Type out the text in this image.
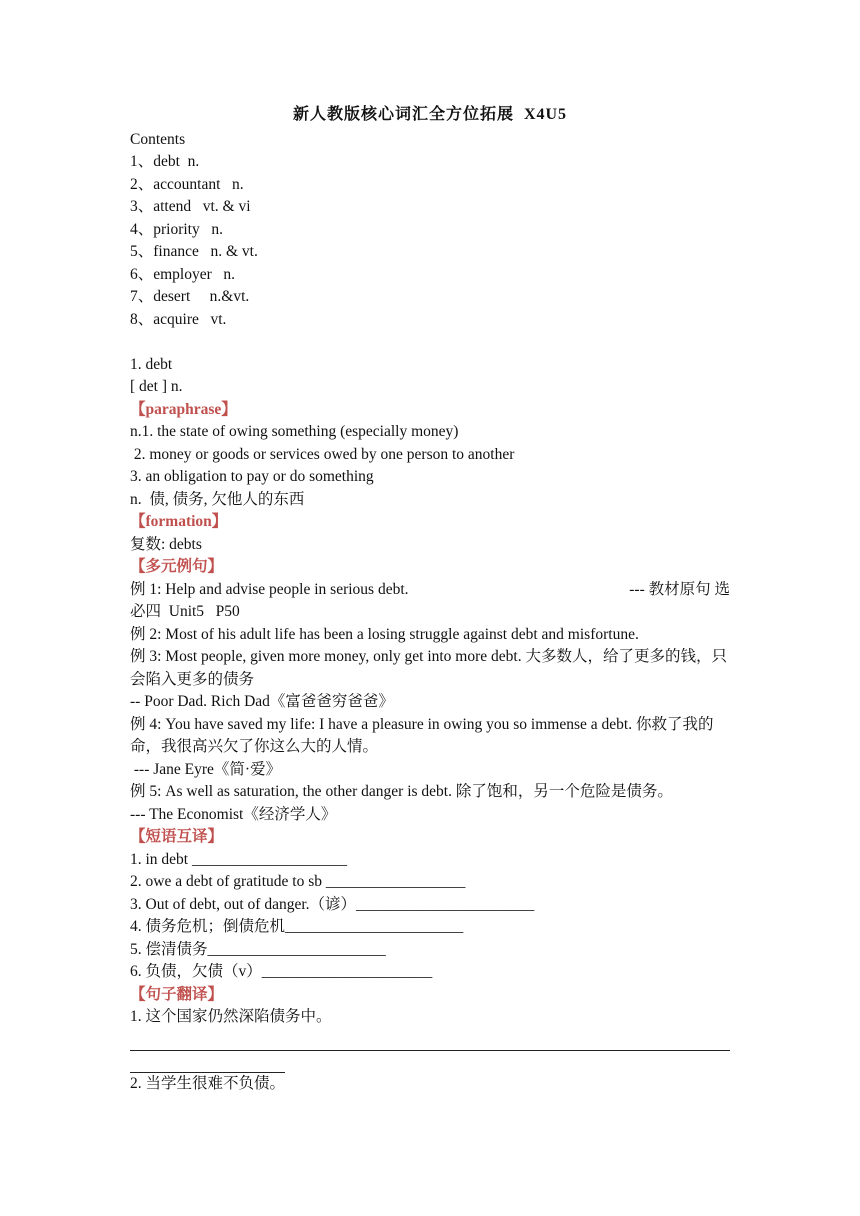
新人教版核心词汇全方位拓展  X4U5
Contents
1、debt  n.
2、accountant   n.
3、attend   vt. & vi
4、priority   n.
5、finance   n. & vt.
6、employer   n.
7、desert     n.&vt.
8、acquire   vt.
1. debt
[ det ] n.
【paraphrase】
n.1. the state of owing something (especially money)
2. money or goods or services owed by one person to another
3. an obligation to pay or do something
n.  债, 债务, 欠他人的东西
【formation】
复数: debts
【多元例句】
例 1: Help and advise people in serious debt.	--- 教材原句 选
必四  Unit5   P50
例 2: Most of his adult life has been a losing struggle against debt and misfortune.
例 3: Most people, given more money, only get into more debt. 大多数人，给了更多的钱，只会陷入更多的债务
-- Poor Dad. Rich Dad《富爸爸穷爸爸》
例 4: You have saved my life: I have a pleasure in owing you so immense a debt. 你救了我的命，我很高兴欠了你这么大的人情。
--- Jane Eyre《简·爱》
例 5: As well as saturation, the other danger is debt. 除了饱和，另一个危险是债务。
--- The Economist《经济学人》
【短语互译】
1. in debt ____________________
2. owe a debt of gratitude to sb __________________
3. Out of debt, out of danger.（谚）_______________________
4. 债务危机；倒债危机_______________________
5. 偿清债务_______________________
6. 负债，欠债（v）______________________
【句子翻译】
1. 这个国家仍然深陷债务中。
2. 当学生很难不负债。
